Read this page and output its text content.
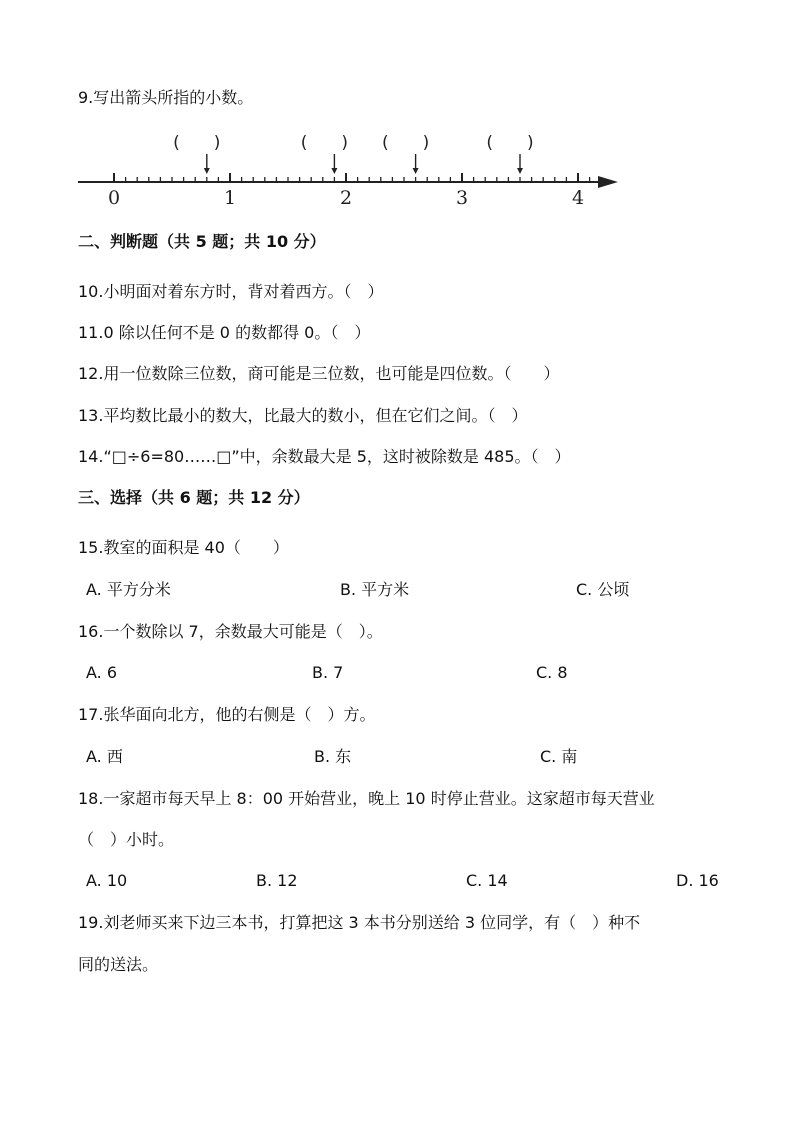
9.写出箭头所指的小数。
(　　)	(　　) (　　)	(　　)
0	1	2	3	4
二、判断题（共 5 题；共 10 分）
10.小明面对着东方时，背对着西方。（　）
11.0 除以任何不是 0 的数都得 0。（　）
12.用一位数除三位数，商可能是三位数，也可能是四位数。（　　）
13.平均数比最小的数大，比最大的数小，但在它们之间。（　）
14.“□÷6=80……□”中，余数最大是 5，这时被除数是 485。（　）
三、选择（共 6 题；共 12 分）
15.教室的面积是 40（　　）
A. 平方分米	B. 平方米	C. 公顷
16.一个数除以 7，余数最大可能是（　）。
A. 6	B. 7	C. 8
17.张华面向北方，他的右侧是（　）方。
A. 西	B. 东	C. 南
18.一家超市每天早上 8：00 开始营业，晚上 10 时停止营业。这家超市每天营业
（　）小时。
A. 10	B. 12	C. 14	D. 16
19.刘老师买来下边三本书，打算把这 3 本书分别送给 3 位同学，有（　）种不
同的送法。
